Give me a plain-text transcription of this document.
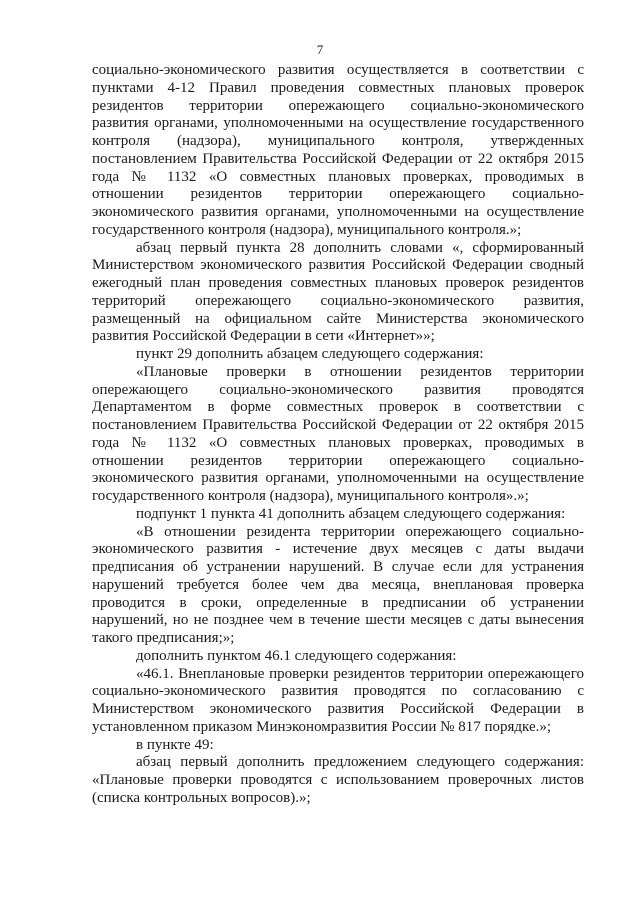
7
социально-экономического развития осуществляется в соответствии с
пунктами 4-12 Правил проведения совместных плановых проверок
резидентов территории опережающего социально-экономического
развития органами, уполномоченными на осуществление государственного
контроля (надзора), муниципального контроля, утвержденных
постановлением Правительства Российской Федерации от 22 октября 2015
года № 1132 «О совместных плановых проверках, проводимых в
отношении резидентов территории опережающего социально-
экономического развития органами, уполномоченными на осуществление
государственного контроля (надзора), муниципального контроля.»;
абзац первый пункта 28 дополнить словами «, сформированный
Министерством экономического развития Российской Федерации сводный
ежегодный план проведения совместных плановых проверок резидентов
территорий опережающего социально-экономического развития,
размещенный на официальном сайте Министерства экономического
развития Российской Федерации в сети «Интернет»»;
пункт 29 дополнить абзацем следующего содержания:
«Плановые проверки в отношении резидентов территории
опережающего социально-экономического развития проводятся
Департаментом в форме совместных проверок в соответствии с
постановлением Правительства Российской Федерации от 22 октября 2015
года № 1132 «О совместных плановых проверках, проводимых в
отношении резидентов территории опережающего социально-
экономического развития органами, уполномоченными на осуществление
государственного контроля (надзора), муниципального контроля».»;
подпункт 1 пункта 41 дополнить абзацем следующего содержания:
«В отношении резидента территории опережающего социально-
экономического развития - истечение двух месяцев с даты выдачи
предписания об устранении нарушений. В случае если для устранения
нарушений требуется более чем два месяца, внеплановая проверка
проводится в сроки, определенные в предписании об устранении
нарушений, но не позднее чем в течение шести месяцев с даты вынесения
такого предписания;»;
дополнить пунктом 46.1 следующего содержания:
«46.1. Внеплановые проверки резидентов территории опережающего
социально-экономического развития проводятся по согласованию с
Министерством экономического развития Российской Федерации в
установленном приказом Минэкономразвития России № 817 порядке.»;
в пункте 49:
абзац первый дополнить предложением следующего содержания:
«Плановые проверки проводятся с использованием проверочных листов
(списка контрольных вопросов).»;
